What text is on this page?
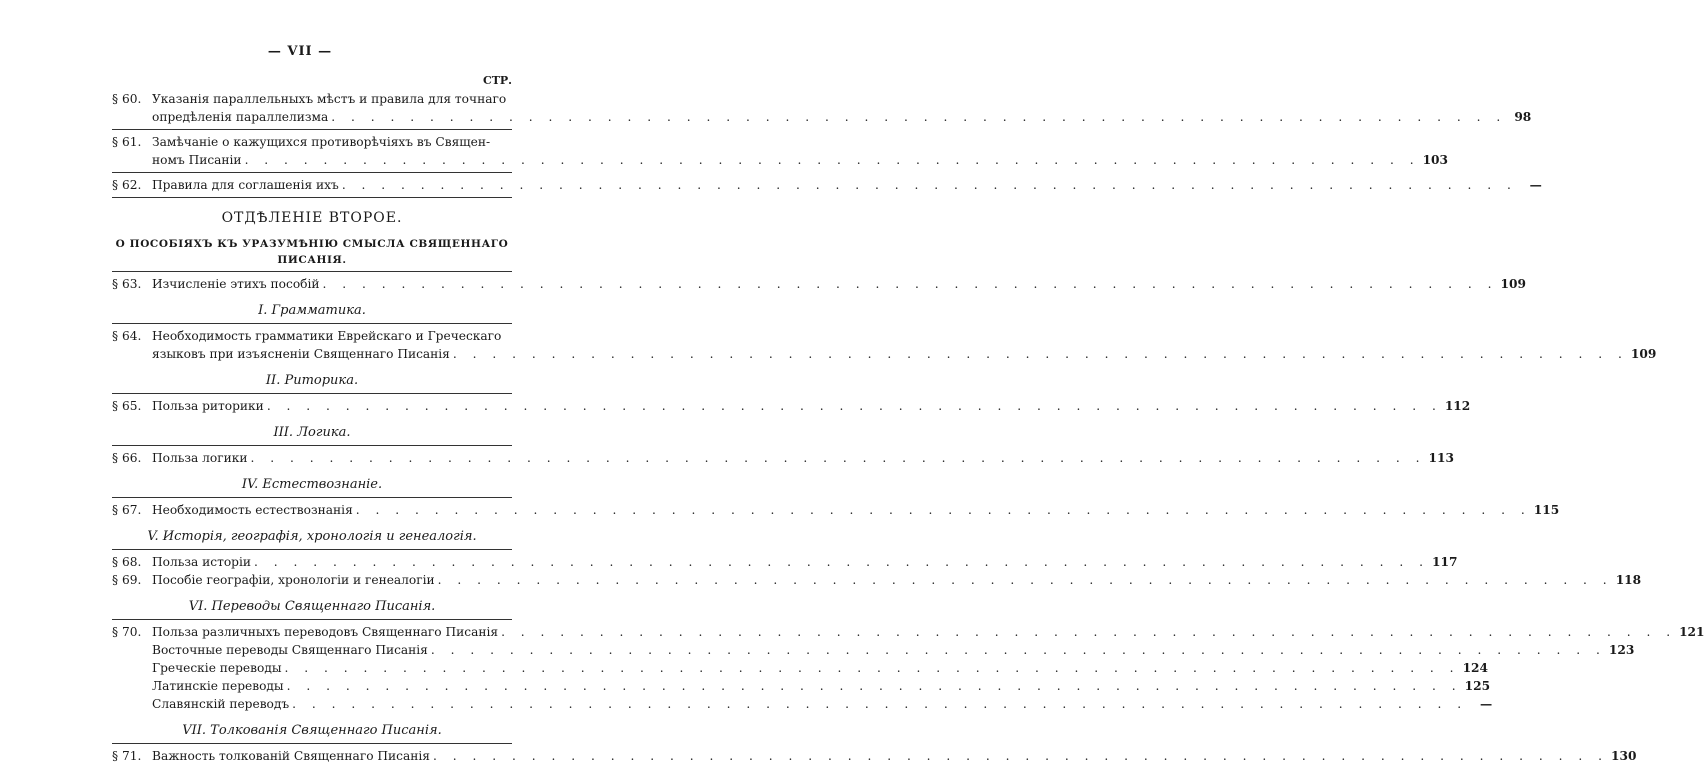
— VII —
СТР.
§ 60. Указанія параллельныхъ мѣстъ и правила для точнаго
опредѣленія параллелизма . . . . . . . . . . . . . . . . . . . . . . . . . . . . . . . . . . . . . . . . . . . . . . . . . . . . . . . . . . . . 98
§ 61. Замѣчаніе о кажущихся противорѣчіяхъ въ Священ-
номъ Писаніи . . . . . . . . . . . . . . . . . . . . . . . . . . . . . . . . . . . . . . . . . . . . . . . . . . . . . . . . . . . . 103
§ 62. Правила для соглашенія ихъ . . . . . . . . . . . . . . . . . . . . . . . . . . . . . . . . . . . . . . . . . . . . . . . . . . . . . . . . . . . .	—
ОТДѢЛЕНІЕ ВТОРОЕ.
О ПОСОБІЯХЪ КЪ УРАЗУМѢНІЮ СМЫСЛА СВЯЩЕННАГО ПИСАНІЯ.
§ 63. Изчисленіе этихъ пособій . . . . . . . . . . . . . . . . . . . . . . . . . . . . . . . . . . . . . . . . . . . . . . . . . . . . . . . . . . . . 109
I. Грамматика.
§ 64. Необходимость грамматики Еврейскаго и Греческаго
языковъ при изъясненіи Священнаго Писанія . . . . . . . . . . . . . . . . . . . . . . . . . . . . . . . . . . . . . . . . . . . . . . . . . . . . . . . . . . . . 109
II. Риторика.
§ 65. Польза риторики . . . . . . . . . . . . . . . . . . . . . . . . . . . . . . . . . . . . . . . . . . . . . . . . . . . . . . . . . . . . 112
III. Логика.
§ 66. Польза логики . . . . . . . . . . . . . . . . . . . . . . . . . . . . . . . . . . . . . . . . . . . . . . . . . . . . . . . . . . . . 113
IV. Естествознаніе.
§ 67. Необходимость естествознанія . . . . . . . . . . . . . . . . . . . . . . . . . . . . . . . . . . . . . . . . . . . . . . . . . . . . . . . . . . . . 115
V. Исторія, географія, хронологія и генеалогія.
§ 68. Польза исторіи . . . . . . . . . . . . . . . . . . . . . . . . . . . . . . . . . . . . . . . . . . . . . . . . . . . . . . . . . . . . 117
§ 69. Пособіе географіи, хронологіи и генеалогіи . . . . . . . . . . . . . . . . . . . . . . . . . . . . . . . . . . . . . . . . . . . . . . . . . . . . . . . . . . . . 118
VI. Переводы Священнаго Писанія.
§ 70. Польза различныхъ переводовъ Священнаго Писанія . . . . . . . . . . . . . . . . . . . . . . . . . . . . . . . . . . . . . . . . . . . . . . . . . . . . . . . . . . . . 121
Восточные переводы Священнаго Писанія . . . . . . . . . . . . . . . . . . . . . . . . . . . . . . . . . . . . . . . . . . . . . . . . . . . . . . . . . . . . 123
Греческіе переводы . . . . . . . . . . . . . . . . . . . . . . . . . . . . . . . . . . . . . . . . . . . . . . . . . . . . . . . . . . . . 124
Латинскіе переводы . . . . . . . . . . . . . . . . . . . . . . . . . . . . . . . . . . . . . . . . . . . . . . . . . . . . . . . . . . . . 125
Славянскій переводъ . . . . . . . . . . . . . . . . . . . . . . . . . . . . . . . . . . . . . . . . . . . . . . . . . . . . . . . . . . . .	—
VII. Толкованія Священнаго Писанія.
§ 71. Важность толкованій Священнаго Писанія . . . . . . . . . . . . . . . . . . . . . . . . . . . . . . . . . . . . . . . . . . . . . . . . . . . . . . . . . . . . 130
